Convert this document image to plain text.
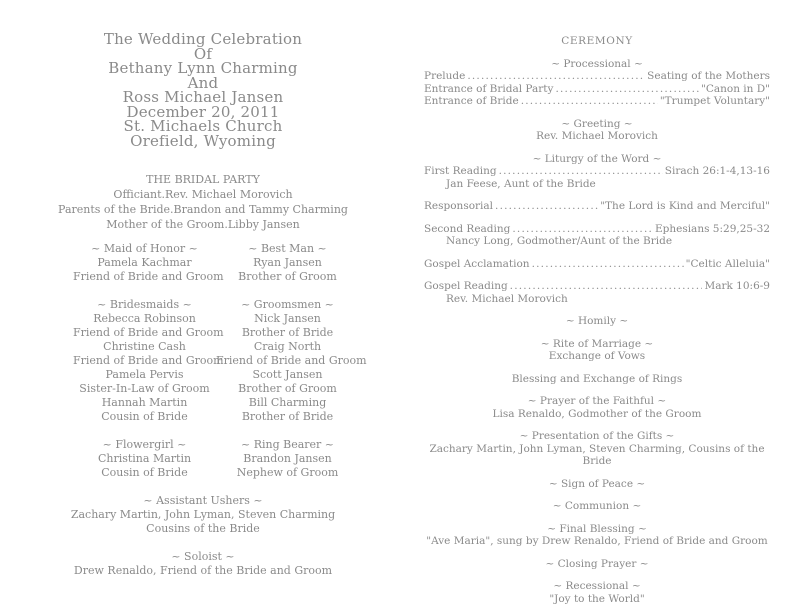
The Wedding Celebration
Of
Bethany Lynn Charming
And
Ross Michael Jansen
December 20, 2011
St. Michaels Church
Orefield, Wyoming
THE BRIDAL PARTY
Officiant.Rev. Michael Morovich
Parents of the Bride.Brandon and Tammy Charming
Mother of the Groom.Libby Jansen
~ Maid of Honor ~
Pamela Kachmar
Friend of Bride and Groom
~ Best Man ~
Ryan Jansen
Brother of Groom
~ Bridesmaids ~
Rebecca Robinson
Friend of Bride and Groom
Christine Cash
Friend of Bride and Groom
Pamela Pervis
Sister-In-Law of Groom
Hannah Martin
Cousin of Bride
~ Groomsmen ~
Nick Jansen
Brother of Bride
Craig North
Friend of Bride and Groom
Scott Jansen
Brother of Groom
Bill Charming
Brother of Bride
~ Flowergirl ~
Christina Martin
Cousin of Bride
~ Ring Bearer ~
Brandon Jansen
Nephew of Groom
~ Assistant Ushers ~
Zachary Martin, John Lyman, Steven Charming
Cousins of the Bride
~ Soloist ~
Drew Renaldo, Friend of the Bride and Groom
CEREMONY
~ Processional ~
Prelude .....	Seating of the Mothers
Entrance of Bridal Party .....	"Canon in D"
Entrance of Bride .....	"Trumpet Voluntary"
~ Greeting ~
Rev. Michael Morovich
~ Liturgy of the Word ~
First Reading .....	Sirach 26:1-4,13-16
Jan Feese, Aunt of the Bride
Responsorial .....	"The Lord is Kind and Merciful"
Second Reading .....	Ephesians 5:29,25-32
Nancy Long, Godmother/Aunt of the Bride
Gospel Acclamation .....	"Celtic Alleluia"
Gospel Reading .....	Mark 10:6-9
Rev. Michael Morovich
~ Homily ~
~ Rite of Marriage ~
Exchange of Vows
Blessing and Exchange of Rings
~ Prayer of the Faithful ~
Lisa Renaldo, Godmother of the Groom
~ Presentation of the Gifts ~
Zachary Martin, John Lyman, Steven Charming, Cousins of the Bride
~ Sign of Peace ~
~ Communion ~
~ Final Blessing ~
"Ave Maria", sung by Drew Renaldo, Friend of Bride and Groom
~ Closing Prayer ~
~ Recessional ~
"Joy to the World"
